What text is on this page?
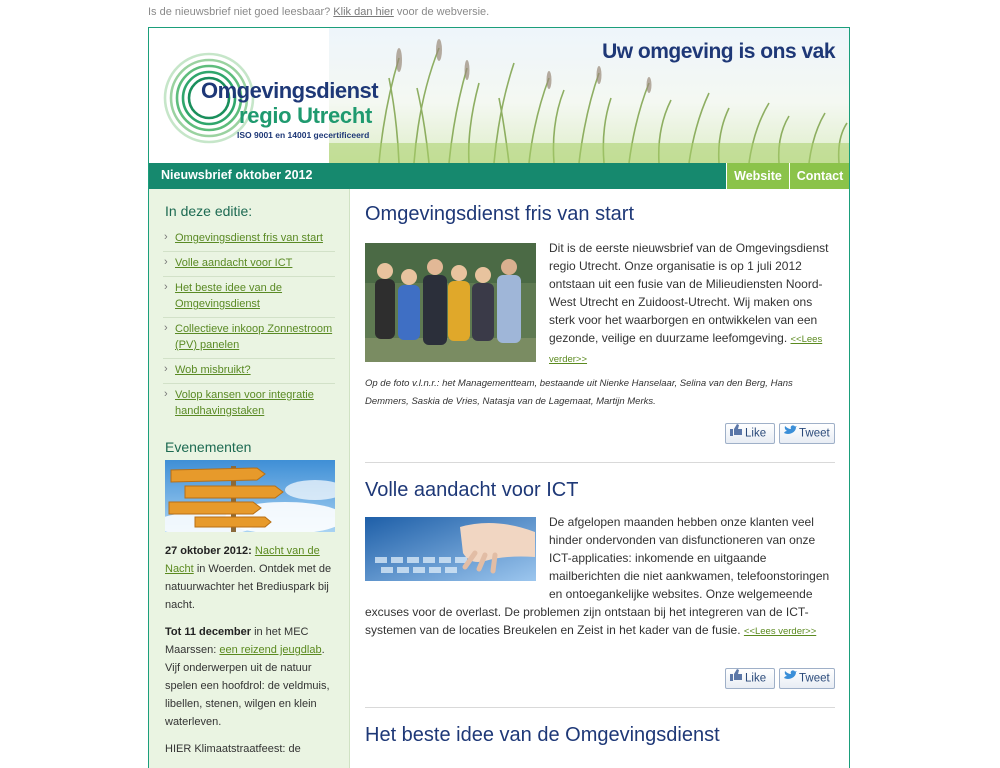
Is de nieuwsbrief niet goed leesbaar? Klik dan hier voor de webversie.
Uw omgeving is ons vak
Omgevingsdienst
regio Utrecht
ISO 9001 en 14001 gecertificeerd
Nieuwsbrief oktober 2012	Website	Contact
In deze editie:
› Omgevingsdienst fris van start
› Volle aandacht voor ICT
› Het beste idee van de Omgevingsdienst
› Collectieve inkoop Zonnestroom (PV) panelen
› Wob misbruikt?
› Volop kansen voor integratie handhavingstaken
Evenementen

27 oktober 2012: Nacht van de Nacht in Woerden. Ontdek met de natuurwachter het Brediuspark bij nacht.

Tot 11 december in het MEC Maarssen: een reizend jeugdlab. Vijf onderwerpen uit de natuur spelen een hoofdrol: de veldmuis, libellen, stenen, wilgen en klein waterleven.

HIER Klimaatstraatfeest: de

Omgevingsdienst fris van start
Dit is de eerste nieuwsbrief van de Omgevingsdienst regio Utrecht. Onze organisatie is op 1 juli 2012 ontstaan uit een fusie van de Milieudiensten Noord-West Utrecht en Zuidoost-Utrecht. Wij maken ons sterk voor het waarborgen en ontwikkelen van een gezonde, veilige en duurzame leefomgeving. <<Lees verder>>
Op de foto v.l.n.r.: het Managementteam, bestaande uit Nienke Hanselaar, Selina van den Berg, Hans Demmers, Saskia de Vries, Natasja van de Lagemaat, Martijn Merks.
Like	Tweet
Volle aandacht voor ICT
De afgelopen maanden hebben onze klanten veel hinder ondervonden van disfunctioneren van onze ICT-applicaties: inkomende en uitgaande mailberichten die niet aankwamen, telefoonstoringen en ontoegankelijke websites. Onze welgemeende excuses voor de overlast. De problemen zijn ontstaan bij het integreren van de ICT-systemen van de locaties Breukelen en Zeist in het kader van de fusie. <<Lees verder>>
Like	Tweet
Het beste idee van de Omgevingsdienst
